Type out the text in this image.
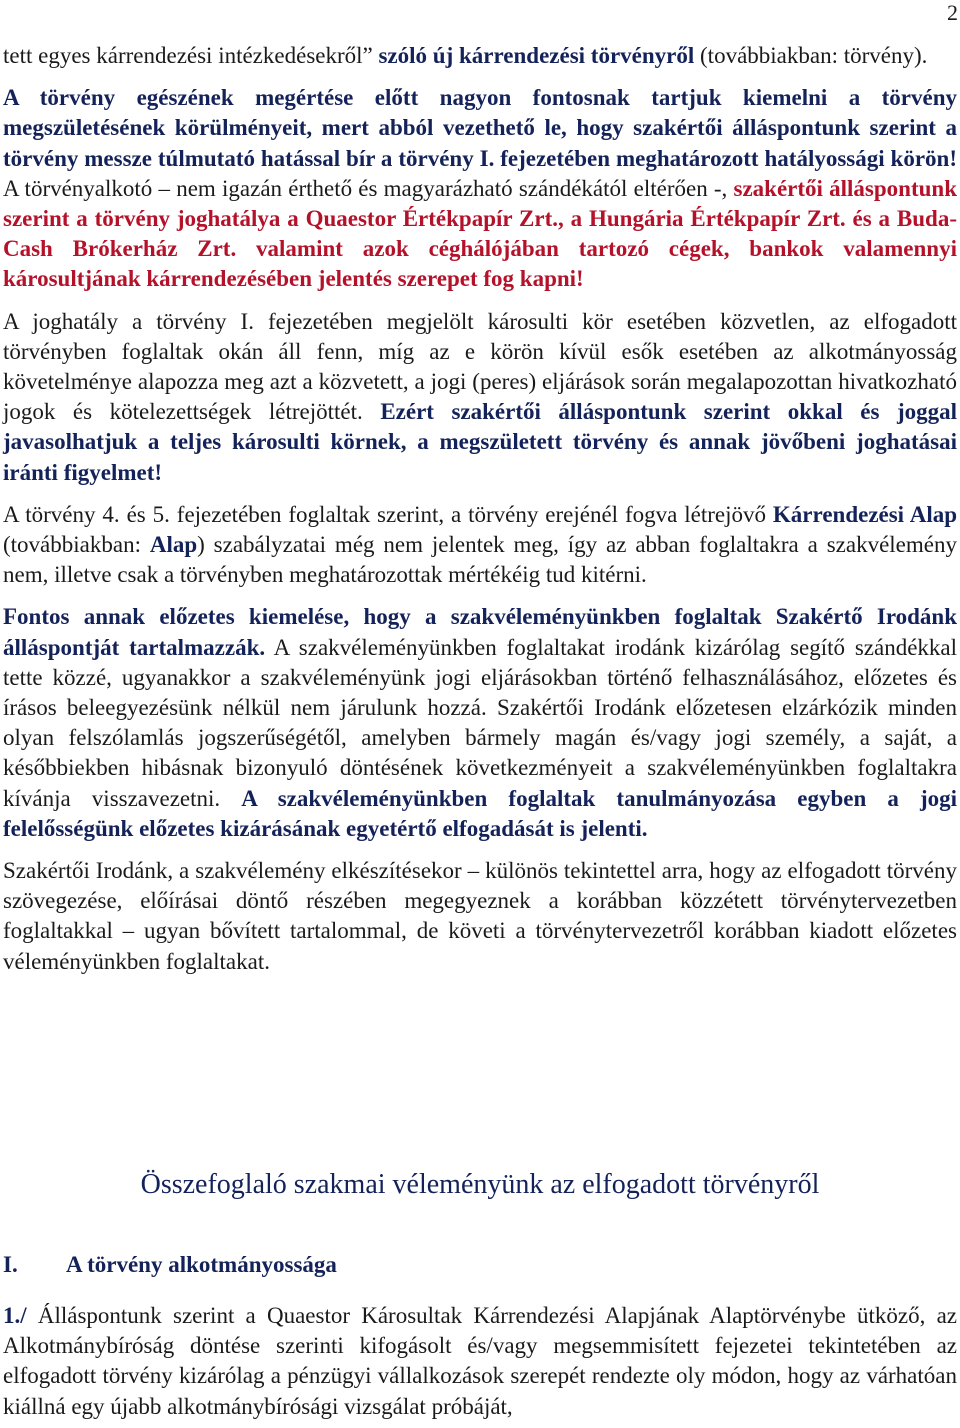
2

tett egyes kárrendezési intézkedésekről” szóló új kárrendezési törvényről (továbbiakban: törvény).

A törvény egészének megértése előtt nagyon fontosnak tartjuk kiemelni a törvény megszületésének körülményeit, mert abból vezethető le, hogy szakértői álláspontunk szerint a törvény messze túlmutató hatással bír a törvény I. fejezetében meghatározott hatályossági körön! A törvényalkotó – nem igazán érthető és magyarázható szándékától eltérően -, szakértői álláspontunk szerint a törvény joghatálya a Quaestor Értékpapír Zrt., a Hungária Értékpapír Zrt. és a Buda-Cash Brókerház Zrt. valamint azok céghálójában tartozó cégek, bankok valamennyi károsultjának kárrendezésében jelentés szerepet fog kapni!

A joghatály a törvény I. fejezetében megjelölt károsulti kör esetében közvetlen, az elfogadott törvényben foglaltak okán áll fenn, míg az e körön kívül esők esetében az alkotmányosság követelménye alapozza meg azt a közvetett, a jogi (peres) eljárások során megalapozottan hivatkozható jogok és kötelezettségek létrejöttét. Ezért szakértői álláspontunk szerint okkal és joggal javasolhatjuk a teljes károsulti körnek, a megszületett törvény és annak jövőbeni joghatásai iránti figyelmet!

A törvény 4. és 5. fejezetében foglaltak szerint, a törvény erejénél fogva létrejövő Kárrendezési Alap (továbbiakban: Alap) szabályzatai még nem jelentek meg, így az abban foglaltakra a szakvélemény nem, illetve csak a törvényben meghatározottak mértékéig tud kitérni.

Fontos annak előzetes kiemelése, hogy a szakvéleményünkben foglaltak Szakértő Irodánk álláspontját tartalmazzák. A szakvéleményünkben foglaltakat irodánk kizárólag segítő szándékkal tette közzé, ugyanakkor a szakvéleményünk jogi eljárásokban történő felhasználásához, előzetes és írásos beleegyezésünk nélkül nem járulunk hozzá. Szakértői Irodánk előzetesen elzárkózik minden olyan felszólamlás jogszerűségétől, amelyben bármely magán és/vagy jogi személy, a saját, a későbbiekben hibásnak bizonyuló döntésének következményeit a szakvéleményünkben foglaltakra kívánja visszavezetni. A szakvéleményünkben foglaltak tanulmányozása egyben a jogi felelősségünk előzetes kizárásának egyetértő elfogadását is jelenti.

Szakértői Irodánk, a szakvélemény elkészítésekor – különös tekintettel arra, hogy az elfogadott törvény szövegezése, előírásai döntő részében megegyeznek a korábban közzétett törvénytervezetben foglaltakkal – ugyan bővített tartalommal, de követi a törvénytervezetről korábban kiadott előzetes véleményünkben foglaltakat.

Összefoglaló szakmai véleményünk az elfogadott törvényről
I. A törvény alkotmányossága

1./ Álláspontunk szerint a Quaestor Károsultak Kárrendezési Alapjának Alaptörvénybe ütköző, az Alkotmánybíróság döntése szerinti kifogásolt és/vagy megsemmisített fejezetei tekintetében az elfogadott törvény kizárólag a pénzügyi vállalkozások szerepét rendezte oly módon, hogy az várhatóan kiállná egy újabb alkotmánybírósági vizsgálat próbáját,
